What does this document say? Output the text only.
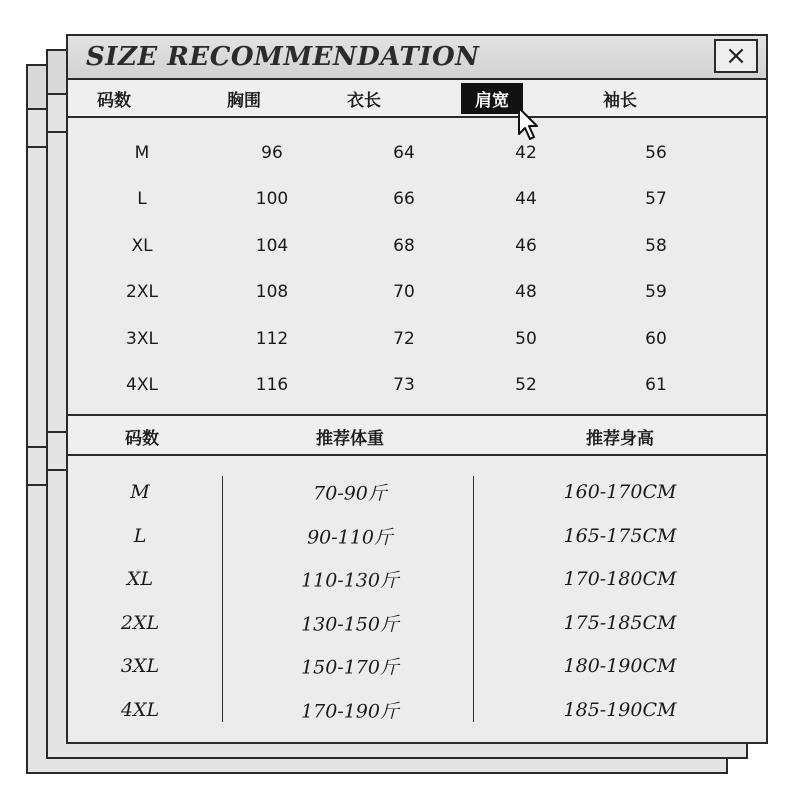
SIZE RECOMMENDATION	×
码数	胸围	衣长	肩宽	袖长
M	96	64	42	56
L	100	66	44	57
XL	104	68	46	58
2XL	108	70	48	59
3XL	112	72	50	60
4XL	116	73	52	61
码数	推荐体重	推荐身高
M	70-90斤	160-170CM
L	90-110斤	165-175CM
XL	110-130斤	170-180CM
2XL	130-150斤	175-185CM
3XL	150-170斤	180-190CM
4XL	170-190斤	185-190CM
